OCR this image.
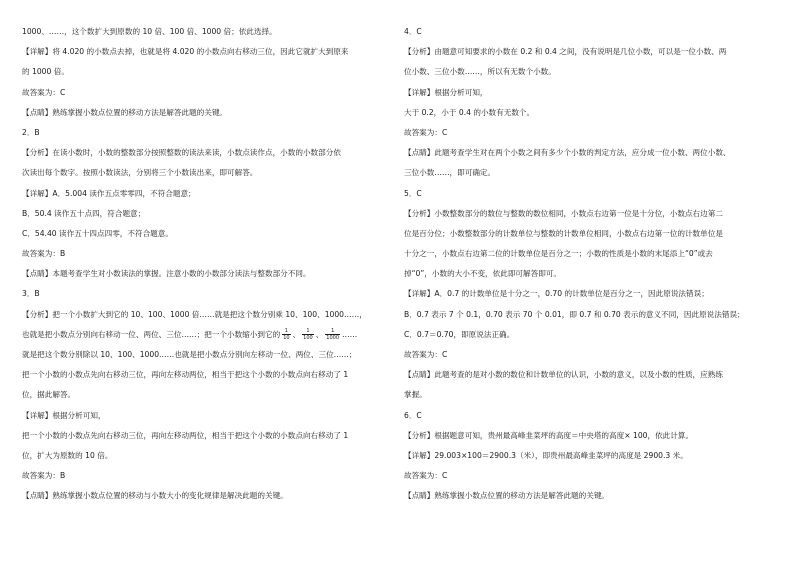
1000、……，这个数扩大到原数的 10 倍、100 倍、1000 倍；依此选择。
【详解】将 4.020 的小数点去掉，也就是将 4.020 的小数点向右移动三位，因此它就扩大到原来
的 1000 倍。
故答案为：C
【点睛】熟练掌握小数点位置的移动方法是解答此题的关键。
2．B
【分析】在读小数时，小数的整数部分按照整数的读法来读，小数点读作点，小数的小数部分依
次读出每个数字。按照小数读法，分别将三个小数读出来，即可解答。
【详解】A．5.004 读作五点零零四，不符合题意；
B．50.4 读作五十点四，符合题意；
C．54.40 读作五十四点四零，不符合题意。
故答案为：B
【点睛】本题考查学生对小数读法的掌握。注意小数的小数部分读法与整数部分不同。
3．B
【分析】把一个小数扩大到它的 10、100、1000 倍……就是把这个数分别乘 10、100、1000……，
也就是把小数点分别向右移动一位、两位、三位……；把一个小数缩小到它的 $\frac{1}{10}$ 、 $\frac{1}{100}$ 、 $\frac{1}{1000}$ ……
就是把这个数分别除以 10、100、1000……也就是把小数点分别向左移动一位、两位、三位……；
把一个小数的小数点先向右移动三位，再向左移动两位，相当于把这个小数的小数点向右移动了 1
位，据此解答。
【详解】根据分析可知，
把一个小数的小数点先向右移动三位，再向左移动两位，相当于把这个小数的小数点向右移动了 1
位，扩大为原数的 10 倍。
故答案为：B
【点睛】熟练掌握小数点位置的移动与小数大小的变化规律是解决此题的关键。
4．C
【分析】由题意可知要求的小数在 0.2 和 0.4 之间，没有说明是几位小数，可以是一位小数、两
位小数、三位小数……，所以有无数个小数。
【详解】根据分析可知，
大于 0.2，小于 0.4 的小数有无数个。
故答案为：C
【点睛】此题考查学生对在两个小数之间有多少个小数的判定方法，应分成一位小数、两位小数、
三位小数……，即可确定。
5．C
【分析】小数整数部分的数位与整数的数位相同，小数点右边第一位是十分位，小数点右边第二
位是百分位；小数整数部分的计数单位与整数的计数单位相同，小数点右边第一位的计数单位是
十分之一，小数点右边第二位的计数单位是百分之一；小数的性质是小数的末尾添上“0”或去
掉“0”，小数的大小不变，依此即可解答即可。
【详解】A．0.7 的计数单位是十分之一，0.70 的计数单位是百分之一，因此原说法错误；
B．0.7 表示 7 个 0.1，0.70 表示 70 个 0.01，即 0.7 和 0.70 表示的意义不同，因此原说法错误；
C．0.7＝0.70，即原说法正确。
故答案为：C
【点睛】此题考查的是对小数的数位和计数单位的认识，小数的意义，以及小数的性质，应熟练
掌握。
6．C
【分析】根据题意可知，贵州最高峰韭菜坪的高度＝中央塔的高度× 100，依此计算。
【详解】29.003×100＝2900.3（米），即贵州最高峰韭菜坪的高度是 2900.3 米。
故答案为：C
【点睛】熟练掌握小数点位置的移动方法是解答此题的关键。
